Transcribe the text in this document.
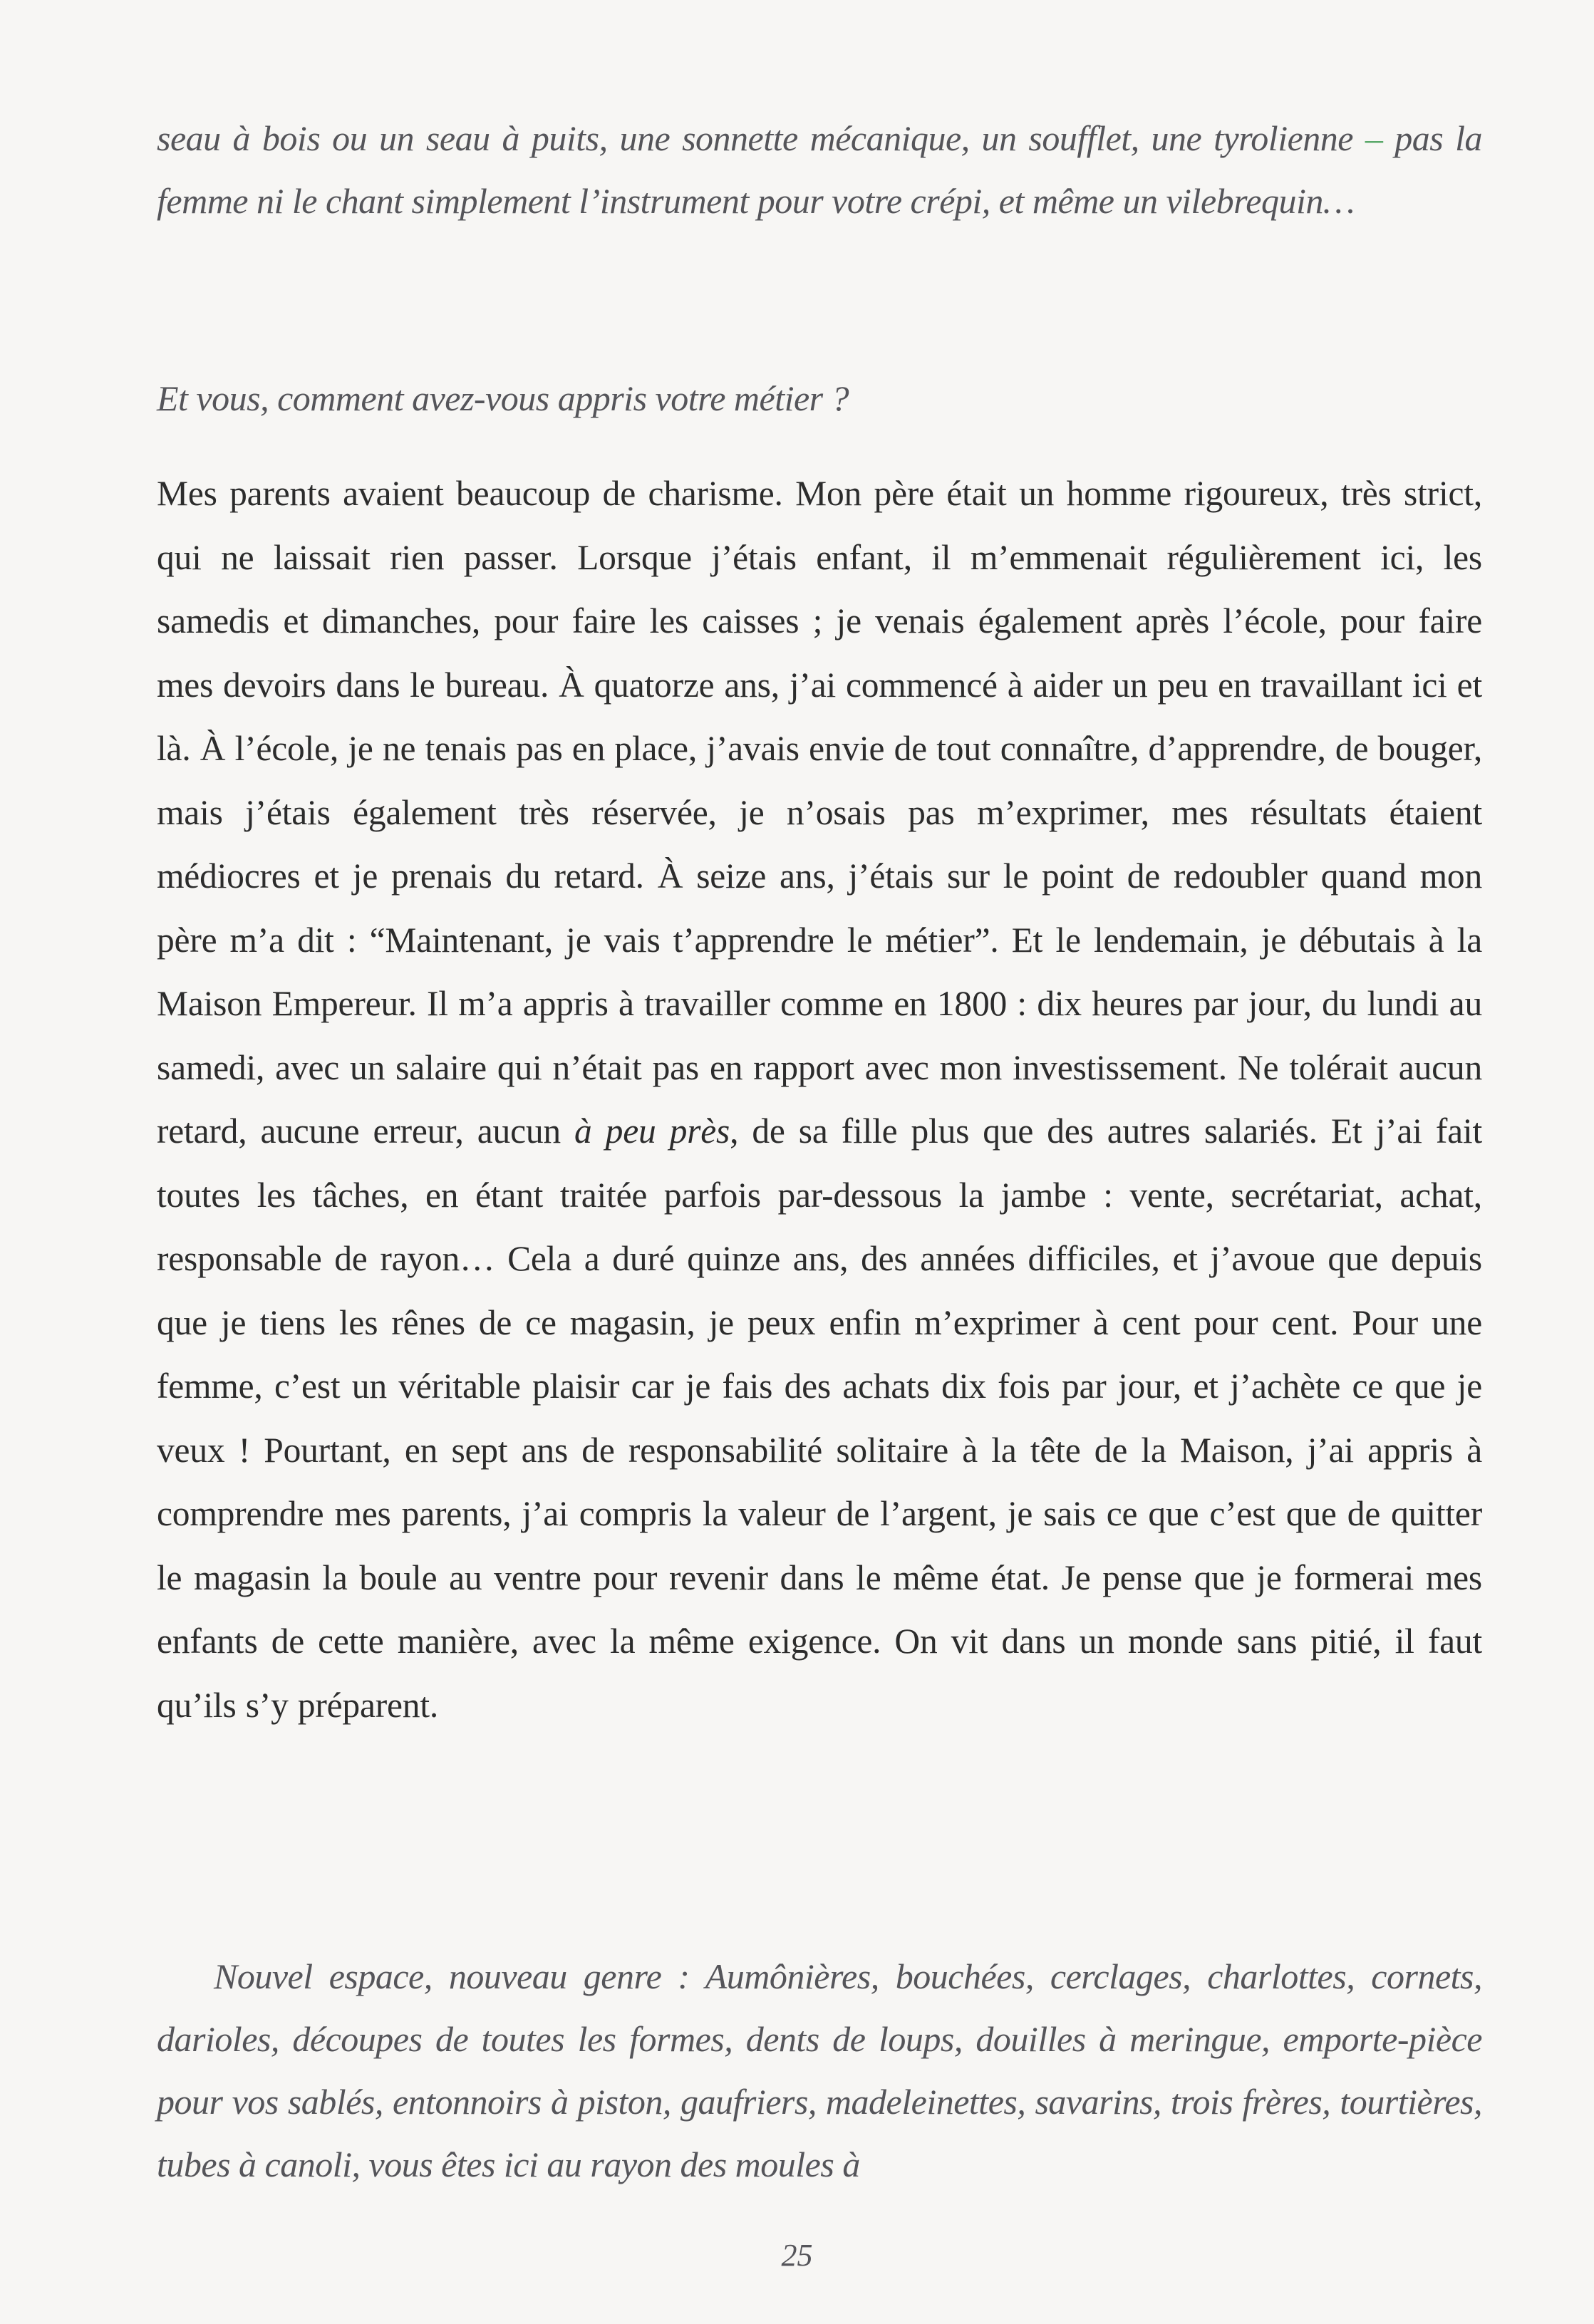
seau à bois ou un seau à puits, une sonnette mécanique, un soufflet, une tyrolienne – pas la femme ni le chant simplement l’instrument pour votre crépi, et même un vilebrequin…

Et vous, comment avez-vous appris votre métier ?

Mes parents avaient beaucoup de charisme. Mon père était un homme rigoureux, très strict, qui ne laissait rien passer. Lorsque j’étais enfant, il m’emmenait régulièrement ici, les samedis et dimanches, pour faire les caisses ; je venais également après l’école, pour faire mes devoirs dans le bureau. À quatorze ans, j’ai commencé à aider un peu en travaillant ici et là. À l’école, je ne tenais pas en place, j’avais envie de tout connaître, d’apprendre, de bouger, mais j’étais également très réservée, je n’osais pas m’exprimer, mes résultats étaient médiocres et je prenais du retard. À seize ans, j’étais sur le point de redoubler quand mon père m’a dit : “Maintenant, je vais t’apprendre le métier”. Et le lendemain, je débutais à la Maison Empereur. Il m’a appris à travailler comme en 1800 : dix heures par jour, du lundi au samedi, avec un salaire qui n’était pas en rapport avec mon investissement. Ne tolérait aucun retard, aucune erreur, aucun à peu près, de sa fille plus que des autres salariés. Et j’ai fait toutes les tâches, en étant traitée parfois par-dessous la jambe : vente, secrétariat, achat, responsable de rayon… Cela a duré quinze ans, des années difficiles, et j’avoue que depuis que je tiens les rênes de ce magasin, je peux enfin m’exprimer à cent pour cent. Pour une femme, c’est un véritable plaisir car je fais des achats dix fois par jour, et j’achète ce que je veux ! Pourtant, en sept ans de responsabilité solitaire à la tête de la Maison, j’ai appris à comprendre mes parents, j’ai compris la valeur de l’argent, je sais ce que c’est que de quitter le magasin la boule au ventre pour revenir dans le même état. Je pense que je formerai mes enfants de cette manière, avec la même exigence. On vit dans un monde sans pitié, il faut qu’ils s’y préparent.

Nouvel espace, nouveau genre : Aumônières, bouchées, cerclages, charlottes, cornets, darioles, découpes de toutes les formes, dents de loups, douilles à meringue, emporte-pièce pour vos sablés, entonnoirs à piston, gaufriers, madeleinettes, savarins, trois frères, tourtières, tubes à canoli, vous êtes ici au rayon des moules à

25
